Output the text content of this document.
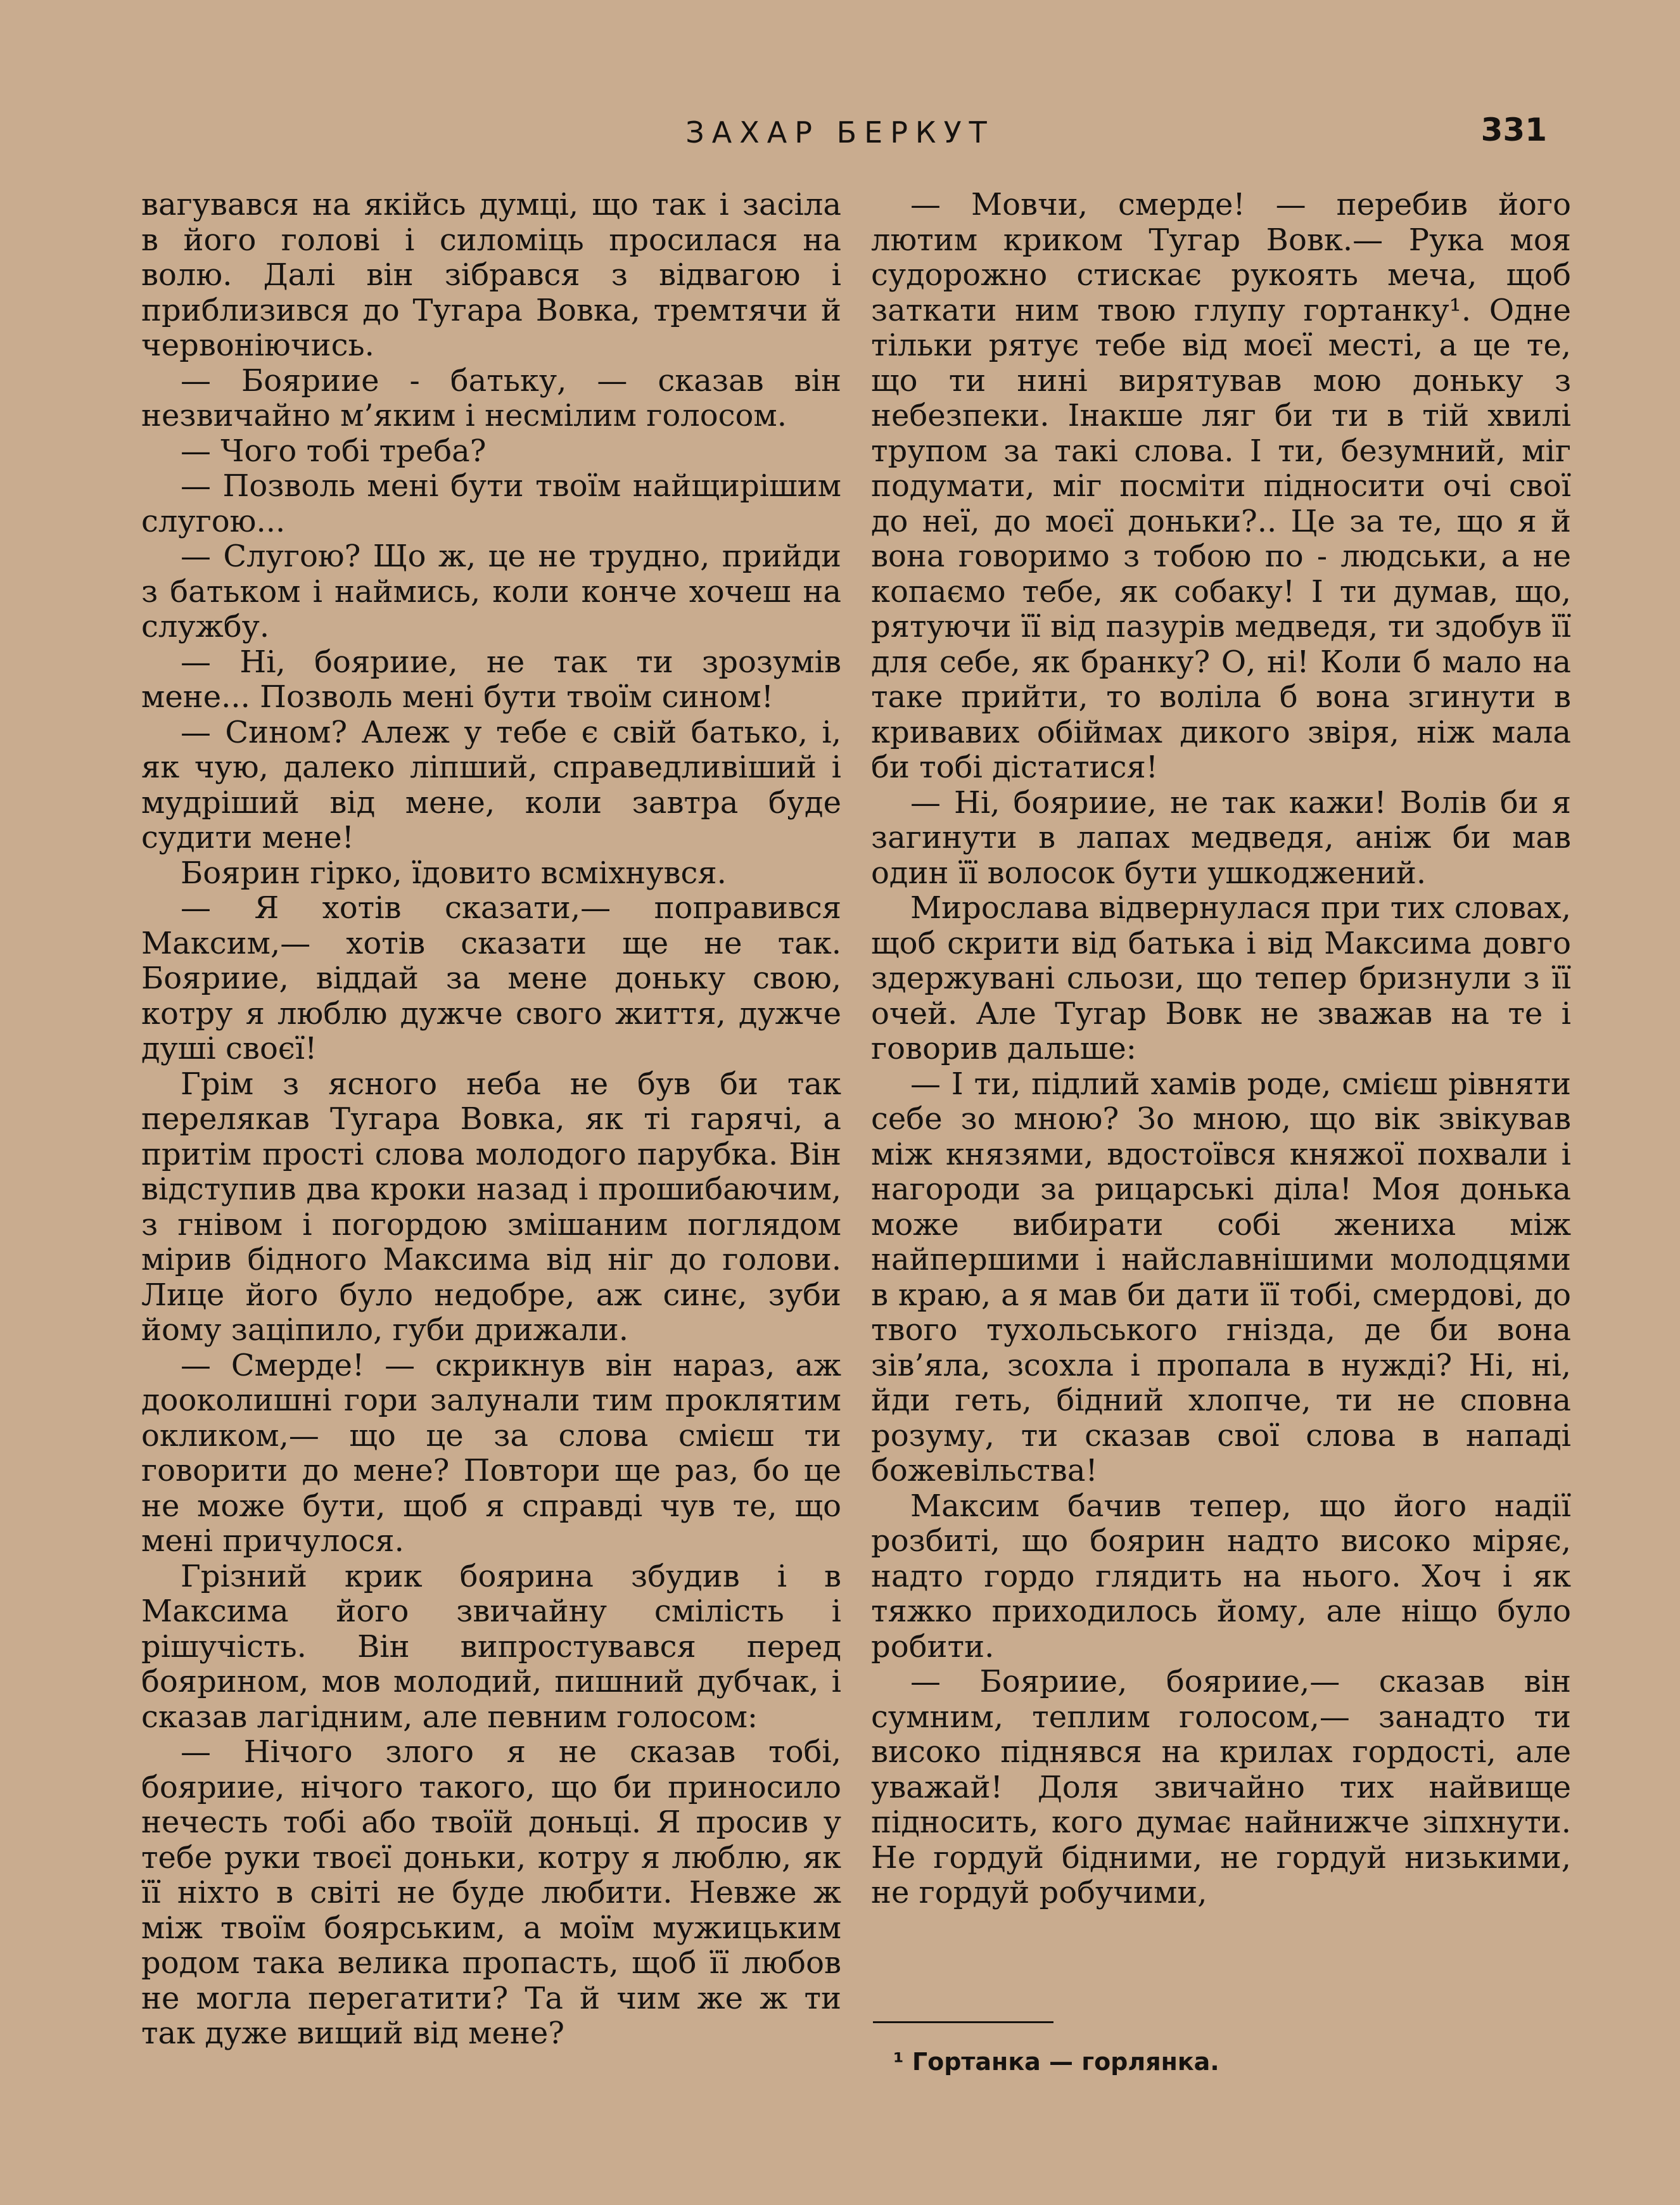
ЗАХАР БЕРКУТ	331

вагувався на якійсь думці, що так і засіла в його голові і силоміць просилася на волю. Далі він зібрався з відвагою і приблизився до Тугара Вовка, тремтячи й червоніючись.

— Бояриие - батьку, — сказав він незвичайно м’яким і несмілим голосом.

— Чого тобі треба?

— Позволь мені бути твоїм найщирішим слугою...

— Слугою? Що ж, це не трудно, прийди з батьком і наймись, коли конче хочеш на службу.

— Ні, бояриие, не так ти зрозумів мене... Позволь мені бути твоїм сином!

— Сином? Алеж у тебе є свій батько, і, як чую, далеко ліпший, справедливіший і мудріший від мене, коли завтра буде судити мене!

Боярин гірко, їдовито всміхнувся.

— Я хотів сказати,— поправився Максим,— хотів сказати ще не так. Бояриие, віддай за мене доньку свою, котру я люблю дужче свого життя, дужче душі своєї!

Грім з ясного неба не був би так перелякав Тугара Вовка, як ті гарячі, а притім прості слова молодого парубка. Він відступив два кроки назад і прошибаючим, з гнівом і погордою змішаним поглядом мірив бідного Максима від ніг до голови. Лице його було недобре, аж синє, зуби йому заціпило, губи дрижали.

— Смерде! — скрикнув він нараз, аж дооколишні гори залунали тим проклятим окликом,— що це за слова смієш ти говорити до мене? Повтори ще раз, бо це не може бути, щоб я справді чув те, що мені причулося.

Грізний крик боярина збудив і в Максима його звичайну смілість і рішучість. Він випростувався перед боярином, мов молодий, пишний дубчак, і сказав лагідним, але певним голосом:

— Нічого злого я не сказав тобі, бояриие, нічого такого, що би приносило нечесть тобі або твоїй доньці. Я просив у тебе руки твоєї доньки, котру я люблю, як її ніхто в світі не буде любити. Невже ж між твоїм боярським, а моїм мужицьким родом така велика пропасть, щоб її любов не могла перегатити? Та й чим же ж ти так дуже вищий від мене?

— Мовчи, смерде! — перебив його лютим криком Тугар Вовк.— Рука моя судорожно стискає рукоять меча, щоб заткати ним твою глупу гортанку¹. Одне тільки рятує тебе від моєї месті, а це те, що ти нині вирятував мою доньку з небезпеки. Інакше ляг би ти в тій хвилі трупом за такі слова. І ти, безумний, міг подумати, міг посміти підносити очі свої до неї, до моєї доньки?.. Це за те, що я й вона говоримо з тобою по - людськи, а не копаємо тебе, як собаку! І ти думав, що, рятуючи її від пазурів медведя, ти здобув її для себе, як бранку? О, ні! Коли б мало на таке прийти, то воліла б вона згинути в кривавих обіймах дикого звіря, ніж мала би тобі дістатися!

— Ні, бояриие, не так кажи! Волів би я загинути в лапах медведя, аніж би мав один її волосок бути ушкоджений.

Мирослава відвернулася при тих словах, щоб скрити від батька і від Максима довго здержувані сльози, що тепер бризнули з її очей. Але Тугар Вовк не зважав на те і говорив дальше:

— І ти, підлий хамів роде, смієш рівняти себе зо мною? Зо мною, що вік звікував між князями, вдостоївся княжої похвали і нагороди за рицарські діла! Моя донька може вибирати собі жениха між найпершими і найславнішими молодцями в краю, а я мав би дати її тобі, смердові, до твого тухольського гнізда, де би вона зів’яла, зсохла і пропала в нужді? Ні, ні, йди геть, бідний хлопче, ти не сповна розуму, ти сказав свої слова в нападі божевільства!

Максим бачив тепер, що його надії розбиті, що боярин надто високо міряє, надто гордо глядить на нього. Хоч і як тяжко приходилось йому, але ніщо було робити.

— Бояриие, бояриие,— сказав він сумним, теплим голосом,— занадто ти високо піднявся на крилах гордості, але уважай! Доля звичайно тих найвище підносить, кого думає найнижче зіпхнути. Не гордуй бідними, не гордуй низькими, не гордуй робучими,

¹ Гортанка — горлянка.
